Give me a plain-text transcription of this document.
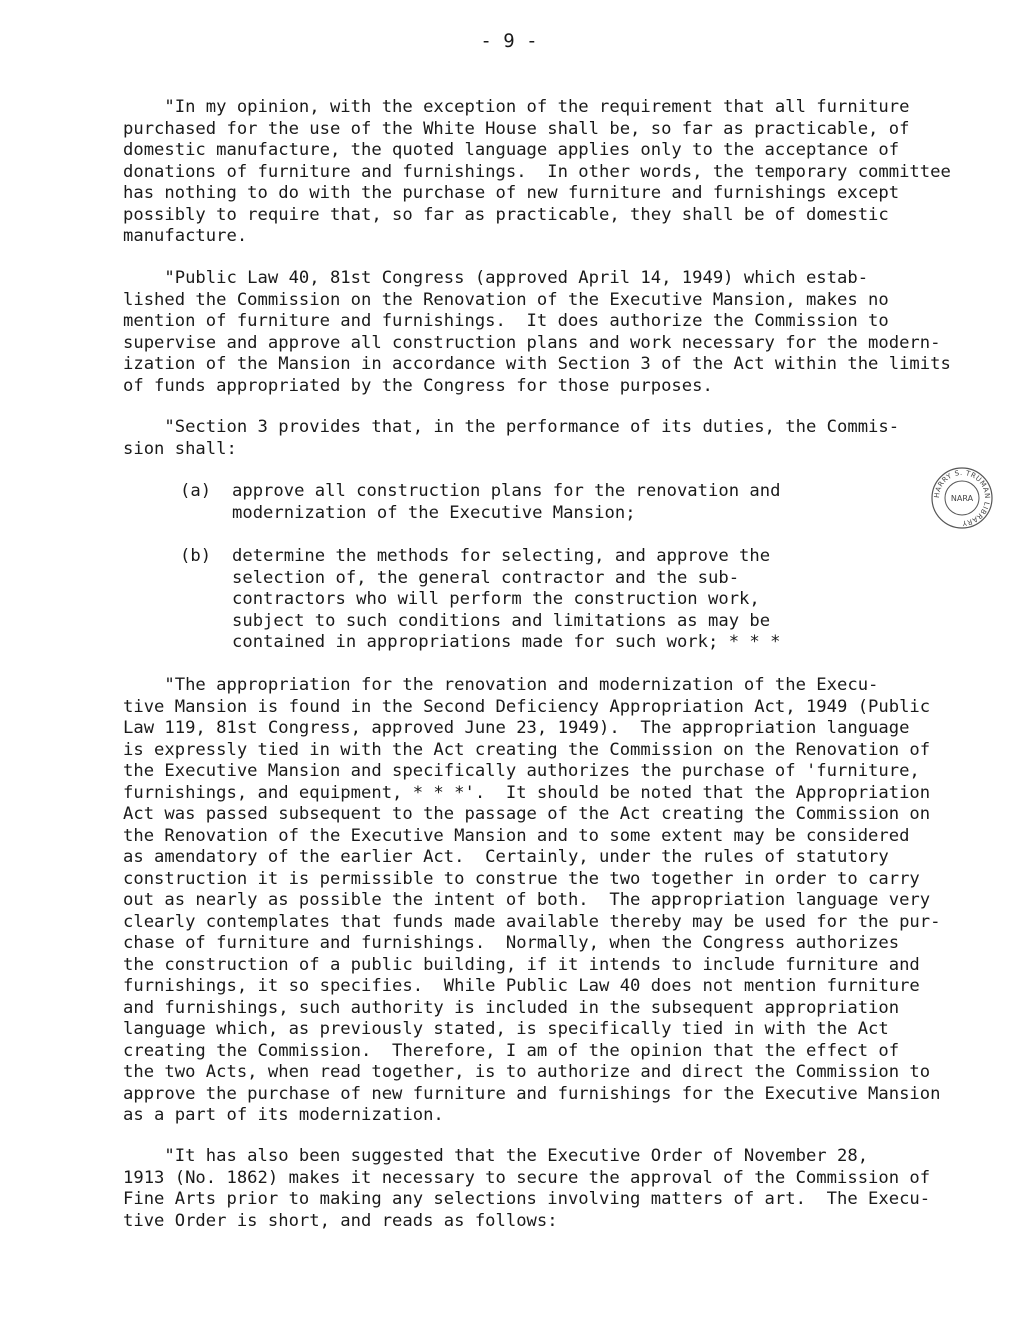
- 9 -
"In my opinion, with the exception of the requirement that all furniture
purchased for the use of the White House shall be, so far as practicable, of
domestic manufacture, the quoted language applies only to the acceptance of
donations of furniture and furnishings.  In other words, the temporary committee
has nothing to do with the purchase of new furniture and furnishings except
possibly to require that, so far as practicable, they shall be of domestic
manufacture.
"Public Law 40, 81st Congress (approved April 14, 1949) which estab-
lished the Commission on the Renovation of the Executive Mansion, makes no
mention of furniture and furnishings.  It does authorize the Commission to
supervise and approve all construction plans and work necessary for the modern-
ization of the Mansion in accordance with Section 3 of the Act within the limits
of funds appropriated by the Congress for those purposes.
"Section 3 provides that, in the performance of its duties, the Commis-
sion shall:
(a) approve all construction plans for the renovation and
modernization of the Executive Mansion;
(b) determine the methods for selecting, and approve the
selection of, the general contractor and the sub-
contractors who will perform the construction work,
subject to such conditions and limitations as may be
contained in appropriations made for such work; * * *
"The appropriation for the renovation and modernization of the Execu-
tive Mansion is found in the Second Deficiency Appropriation Act, 1949 (Public
Law 119, 81st Congress, approved June 23, 1949).  The appropriation language
is expressly tied in with the Act creating the Commission on the Renovation of
the Executive Mansion and specifically authorizes the purchase of 'furniture,
furnishings, and equipment, * * *'.  It should be noted that the Appropriation
Act was passed subsequent to the passage of the Act creating the Commission on
the Renovation of the Executive Mansion and to some extent may be considered
as amendatory of the earlier Act.  Certainly, under the rules of statutory
construction it is permissible to construe the two together in order to carry
out as nearly as possible the intent of both.  The appropriation language very
clearly contemplates that funds made available thereby may be used for the pur-
chase of furniture and furnishings.  Normally, when the Congress authorizes
the construction of a public building, if it intends to include furniture and
furnishings, it so specifies.  While Public Law 40 does not mention furniture
and furnishings, such authority is included in the subsequent appropriation
language which, as previously stated, is specifically tied in with the Act
creating the Commission.  Therefore, I am of the opinion that the effect of
the two Acts, when read together, is to authorize and direct the Commission to
approve the purchase of new furniture and furnishings for the Executive Mansion
as a part of its modernization.
"It has also been suggested that the Executive Order of November 28,
1913 (No. 1862) makes it necessary to secure the approval of the Commission of
Fine Arts prior to making any selections involving matters of art.  The Execu-
tive Order is short, and reads as follows:
HARRY S. TRUMAN LIBRARY
NARA
